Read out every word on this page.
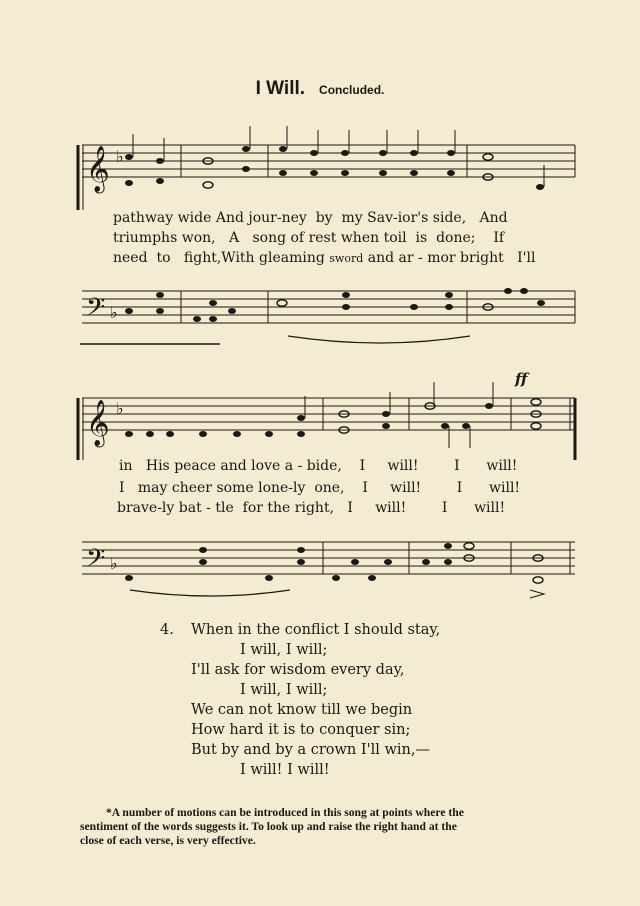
I Will. Concluded.
𝄞 ♭
pathway wide And jour-ney by my Sav-ior's side, And
triumphs won, A song of rest when toil is done; If
need to fight,With gleaming sword and ar - mor bright I'll
𝄢 ♭
𝄞 ♭
ff
in His peace and love a - bide, I will!	I will!
I may cheer some lone-ly one, I will!	I will!
brave-ly bat - tle for the right, I will!	I will!
𝄢 ♭
4. When in the conflict I should stay,
I will, I will;
I'll ask for wisdom every day,
I will, I will;
We can not know till we begin
How hard it is to conquer sin;
But by and by a crown I'll win,—
I will! I will!
*A number of motions can be introduced in this song at points where the
sentiment of the words suggests it. To look up and raise the right hand at the
close of each verse, is very effective.
